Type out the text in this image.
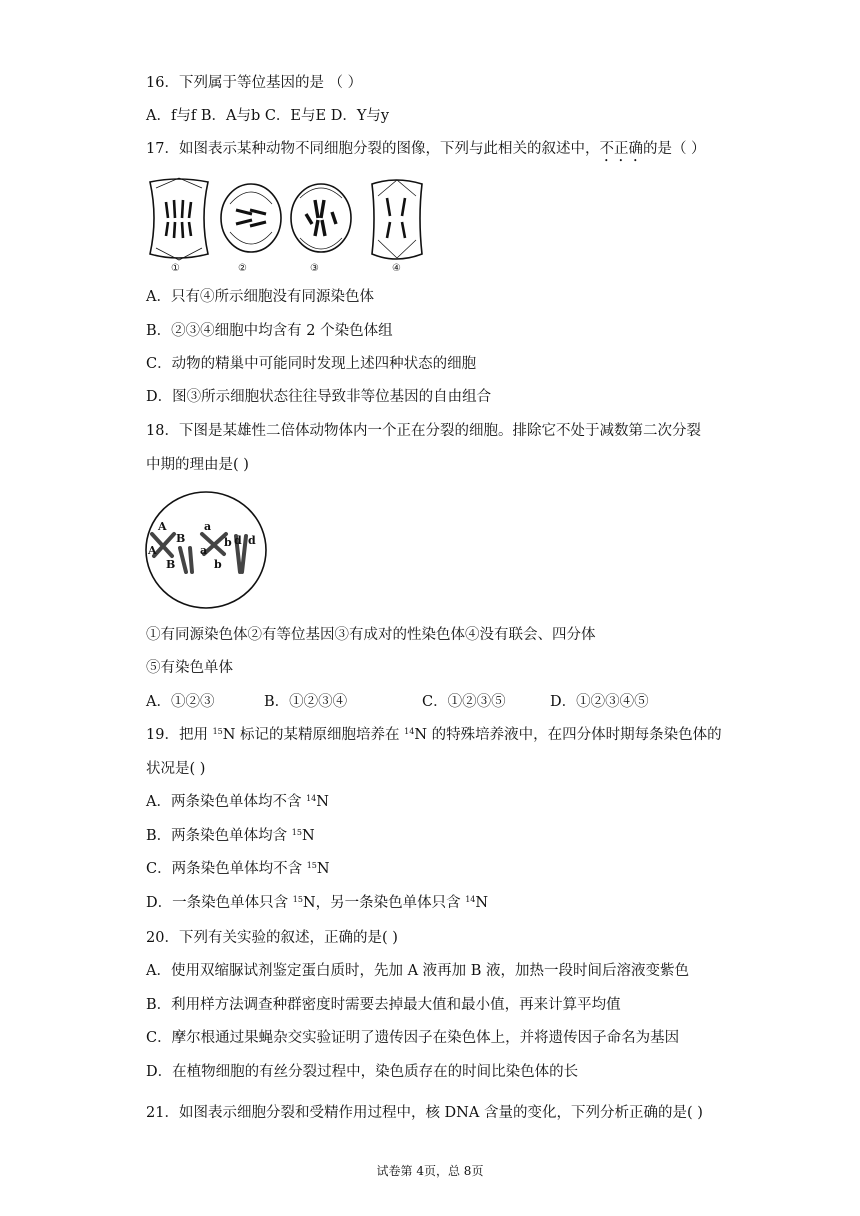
16．下列属于等位基因的是 （ ）
A．f与f B．A与b C．E与E D．Y与y
17．如图表示某种动物不同细胞分裂的图像，下列与此相关的叙述中，不正确的是（ ）
①	②	③	④
A．只有④所示细胞没有同源染色体
B．②③④细胞中均含有 2 个染色体组
C．动物的精巢中可能同时发现上述四种状态的细胞
D．图③所示细胞状态往往导致非等位基因的自由组合
18．下图是某雄性二倍体动物体内一个正在分裂的细胞。排除它不处于减数第二次分裂
中期的理由是( )
A
B
A
B
a
a
b
b
d d
①有同源染色体②有等位基因③有成对的性染色体④没有联会、四分体
⑤有染色单体
A．①②③	B．①②③④	C．①②③⑤	D．①②③④⑤
19．把用 $^{15}$N 标记的某精原细胞培养在 $^{14}$N 的特殊培养液中，在四分体时期每条染色体的
状况是( )
A．两条染色单体均不含 $^{14}$N
B．两条染色单体均含 $^{15}$N
C．两条染色单体均不含 $^{15}$N
D．一条染色单体只含 $^{15}$N，另一条染色单体只含 $^{14}$N
20．下列有关实验的叙述，正确的是( )
A．使用双缩脲试剂鉴定蛋白质时，先加 A 液再加 B 液，加热一段时间后溶液变紫色
B．利用样方法调查种群密度时需要去掉最大值和最小值，再来计算平均值
C．摩尔根通过果蝇杂交实验证明了遗传因子在染色体上，并将遗传因子命名为基因
D．在植物细胞的有丝分裂过程中，染色质存在的时间比染色体的长
21．如图表示细胞分裂和受精作用过程中，核 DNA 含量的变化，下列分析正确的是( )
试卷第 4页，总 8页
